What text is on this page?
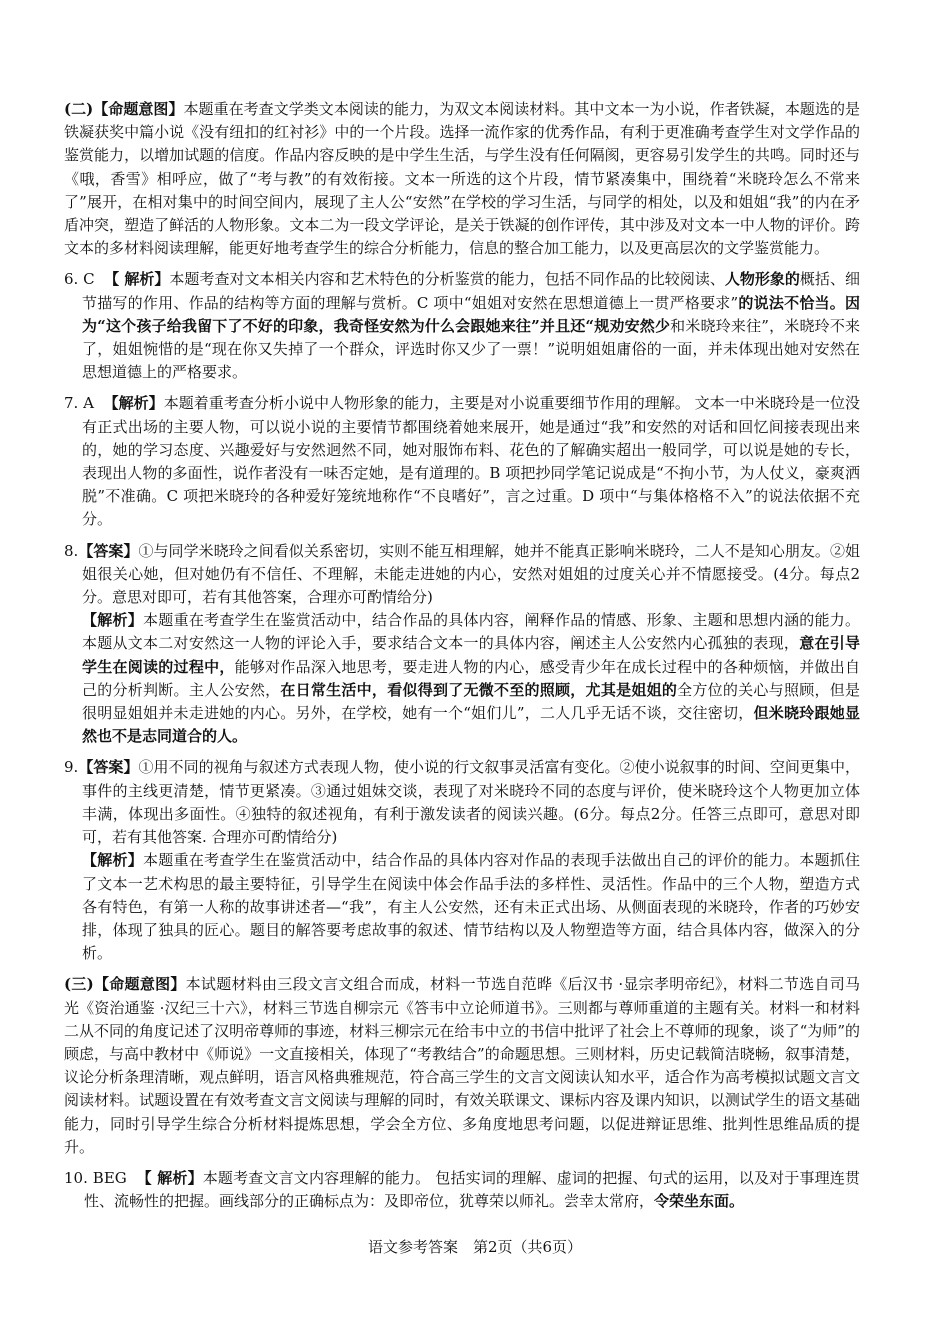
(二)【命题意图】本题重在考查文学类文本阅读的能力，为双文本阅读材料。其中文本一为小说，作者铁凝，本题选的是铁凝获奖中篇小说《没有纽扣的红衬衫》中的一个片段。选择一流作家的优秀作品，有利于更准确考查学生对文学作品的鉴赏能力，以增加试题的信度。作品内容反映的是中学生生活，与学生没有任何隔阂，更容易引发学生的共鸣。同时还与《哦，香雪》相呼应，做了“考与教”的有效衔接。文本一所选的这个片段，情节紧凑集中，围绕着“米晓玲怎么不常来了”展开，在相对集中的时间空间内，展现了主人公“安然”在学校的学习生活，与同学的相处，以及和姐姐“我”的内在矛盾冲突，塑造了鲜活的人物形象。文本二为一段文学评论，是关于铁凝的创作评传，其中涉及对文本一中人物的评价。跨文本的多材料阅读理解，能更好地考查学生的综合分析能力，信息的整合加工能力，以及更高层次的文学鉴赏能力。

6. C 【 解析】本题考查对文本相关内容和艺术特色的分析鉴赏的能力，包括不同作品的比较阅读、人物形象的概括、细节描写的作用、作品的结构等方面的理解与赏析。C 项中“姐姐对安然在思想道德上一贯严格要求”的说法不恰当。因为“这个孩子给我留下了不好的印象，我奇怪安然为什么会跟她来往”并且还“规劝安然少和米晓玲来往”，米晓玲不来了，姐姐惋惜的是“现在你又失掉了一个群众，评选时你又少了一票！”说明姐姐庸俗的一面，并未体现出她对安然在思想道德上的严格要求。

7. A 【解析】本题着重考查分析小说中人物形象的能力，主要是对小说重要细节作用的理解。 文本一中米晓玲是一位没有正式出场的主要人物，可以说小说的主要情节都围绕着她来展开，她是通过“我”和安然的对话和回忆间接表现出来的，她的学习态度、兴趣爱好与安然迥然不同，她对服饰布料、花色的了解确实超出一般同学，可以说是她的专长，表现出人物的多面性，说作者没有一味否定她，是有道理的。B 项把抄同学笔记说成是“不拘小节，为人仗义，豪爽洒脱”不准确。C 项把米晓玲的各种爱好笼统地称作“不良嗜好”，言之过重。D 项中“与集体格格不入”的说法依据不充分。

8.【答案】①与同学米晓玲之间看似关系密切，实则不能互相理解，她并不能真正影响米晓玲，二人不是知心朋友。②姐姐很关心她，但对她仍有不信任、不理解，未能走进她的内心，安然对姐姐的过度关心并不情愿接受。(4分。每点2分。意思对即可，若有其他答案，合理亦可酌情给分)

【解析】本题重在考查学生在鉴赏活动中，结合作品的具体内容，阐释作品的情感、形象、主题和思想内涵的能力。本题从文本二对安然这一人物的评论入手，要求结合文本一的具体内容，阐述主人公安然内心孤独的表现，意在引导学生在阅读的过程中，能够对作品深入地思考，要走进人物的内心，感受青少年在成长过程中的各种烦恼，并做出自己的分析判断。主人公安然，在日常生活中，看似得到了无微不至的照顾，尤其是姐姐的全方位的关心与照顾，但是很明显姐姐并未走进她的内心。另外，在学校，她有一个“姐们儿”，二人几乎无话不谈，交往密切，但米晓玲跟她显然也不是志同道合的人。

9.【答案】①用不同的视角与叙述方式表现人物，使小说的行文叙事灵活富有变化。②使小说叙事的时间、空间更集中，事件的主线更清楚，情节更紧凑。③通过姐妹交谈，表现了对米晓玲不同的态度与评价，使米晓玲这个人物更加立体丰满，体现出多面性。④独特的叙述视角，有利于激发读者的阅读兴趣。(6分。每点2分。任答三点即可，意思对即可，若有其他答案. 合理亦可酌情给分)

【解析】本题重在考查学生在鉴赏活动中，结合作品的具体内容对作品的表现手法做出自己的评价的能力。本题抓住了文本一艺术构思的最主要特征，引导学生在阅读中体会作品手法的多样性、灵活性。作品中的三个人物，塑造方式各有特色，有第一人称的故事讲述者—“我”，有主人公安然，还有未正式出场、从侧面表现的米晓玲，作者的巧妙安排，体现了独具的匠心。题目的解答要考虑故事的叙述、情节结构以及人物塑造等方面，结合具体内容，做深入的分析。

(三)【命题意图】本试题材料由三段文言文组合而成，材料一节选自范晔《后汉书 ·显宗孝明帝纪》，材料二节选自司马光《资治通鉴 ·汉纪三十六》，材料三节选自柳宗元《答韦中立论师道书》。三则都与尊师重道的主题有关。材料一和材料二从不同的角度记述了汉明帝尊师的事迹，材料三柳宗元在给韦中立的书信中批评了社会上不尊师的现象，谈了“为师”的顾虑，与高中教材中《师说》一文直接相关，体现了“考教结合”的命题思想。三则材料，历史记载简洁晓畅，叙事清楚，议论分析条理清晰，观点鲜明，语言风格典雅规范，符合高三学生的文言文阅读认知水平，适合作为高考模拟试题文言文阅读材料。试题设置在有效考查文言文阅读与理解的同时，有效关联课文、课标内容及课内知识，以测试学生的语文基础能力，同时引导学生综合分析材料提炼思想，学会全方位、多角度地思考问题，以促进辩证思维、批判性思维品质的提升。

10. BEG 【 解析】本题考查文言文内容理解的能力。 包括实词的理解、虚词的把握、句式的运用，以及对于事理连贯性、流畅性的把握。画线部分的正确标点为：及即帝位，犹尊荣以师礼。尝幸太常府，令荣坐东面。

语文参考答案　第2页（共6页）
